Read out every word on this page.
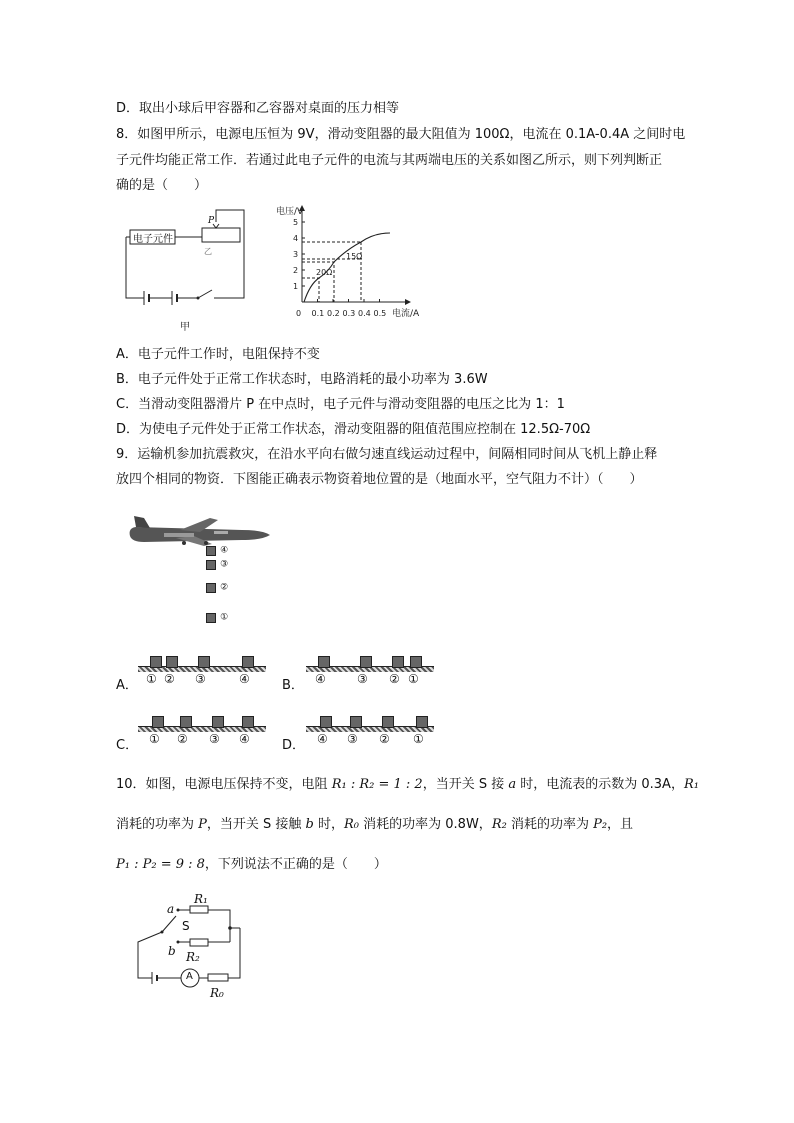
D．取出小球后甲容器和乙容器对桌面的压力相等
8．如图甲所示，电源电压恒为 9V，滑动变阻器的最大阻值为 100Ω，电流在 0.1A-0.4A 之间时电
子元件均能正常工作．若通过此电子元件的电流与其两端电压的关系如图乙所示，则下列判断正
确的是（　　）
电子元件
P
乙
甲
1
2
3
4
5
0 0.1 0.2 0.3 0.4 0.5
15Ω
20Ω
电压/V
电流/A
A．电子元件工作时，电阻保持不变
B．电子元件处于正常工作状态时，电路消耗的最小功率为 3.6W
C．当滑动变阻器滑片 P 在中点时，电子元件与滑动变阻器的电压之比为 1：1
D．为使电子元件处于正常工作状态，滑动变阻器的阻值范围应控制在 12.5Ω-70Ω
9．运输机参加抗震救灾，在沿水平向右做匀速直线运动过程中，间隔相同时间从飞机上静止释
放四个相同的物资．下图能正确表示物资着地位置的是（地面水平，空气阻力不计）（　　）
④
③
②
①
A． ① ② ③	④ B． ④	③ ② ①
C． ① ② ③ ④ D． ④ ③ ② ①
10．如图，电源电压保持不变，电阻 R₁ : R₂ = 1 : 2，当开关 S 接 a 时，电流表的示数为 0.3A，R₁
消耗的功率为 P，当开关 S 接触 b 时，R₀ 消耗的功率为 0.8W，R₂ 消耗的功率为 P₂，且
P₁ : P₂ = 9 : 8，下列说法不正确的是（　　）
a
R₁
S
b R₂
A
R₀
